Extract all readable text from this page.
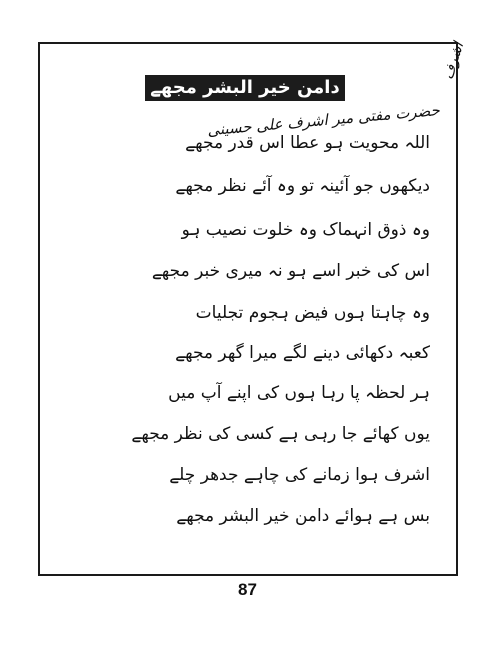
دامن خیر البشر مجھے
حضرت مفتی میر اشرف علی حسینی
اشرف
اللہ محویت ہو عطا اس قدر مجھے
دیکھوں جو آئینہ تو وہ آئے نظر مجھے
وہ ذوق انہماک وہ خلوت نصیب ہو
اس کی خبر اسے ہو نہ میری خبر مجھے
وہ چاہتا ہوں فیض ہجوم تجلیات
کعبہ دکھائی دینے لگے میرا گھر مجھے
ہر لحظہ پا رہا ہوں کی اپنے آپ میں
یوں کھائے جا رہی ہے کسی کی نظر مجھے
اشرف ہوا زمانے کی چاہے جدھر چلے
بس ہے ہوائے دامن خیر البشر مجھے
87
